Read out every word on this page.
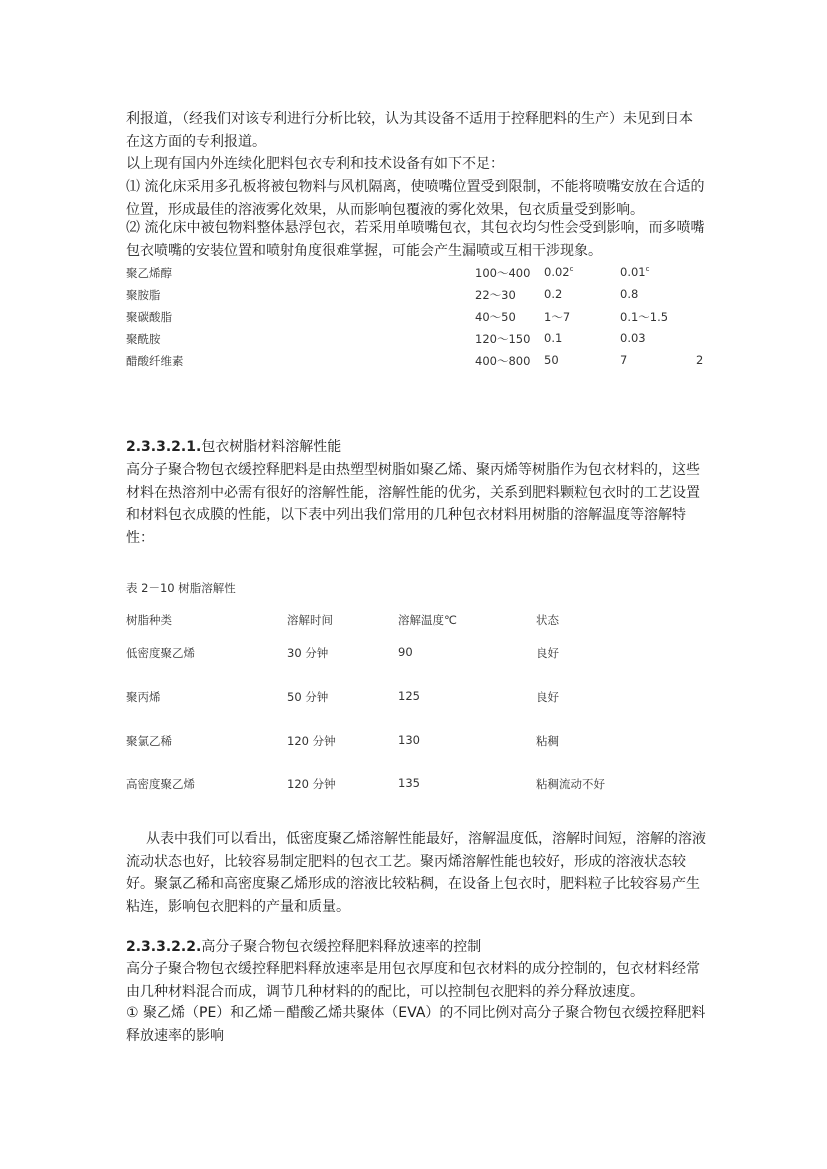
利报道，（经我们对该专利进行分析比较，认为其设备不适用于控释肥料的生产）未见到日本在这方面的专利报道。

以上现有国内外连续化肥料包衣专利和技术设备有如下不足：

⑴ 流化床采用多孔板将被包物料与风机隔离，使喷嘴位置受到限制，不能将喷嘴安放在合适的位置，形成最佳的溶液雾化效果，从而影响包覆液的雾化效果，包衣质量受到影响。
⑵ 流化床中被包物料整体悬浮包衣，若采用单喷嘴包衣，其包衣均匀性会受到影响，而多喷嘴包衣喷嘴的安装位置和喷射角度很难掌握，可能会产生漏喷或互相干涉现象。
聚乙烯醇	100～400 0.02$^c$	0.01$^c$
聚胺脂	22～30 0.2	0.8
聚碳酸脂	40～50 1～7	0.1～1.5
聚酰胺	120～150 0.1	0.03
醋酸纤维素	400～800 50	7	2
2.3.3.2.1.包衣树脂材料溶解性能

高分子聚合物包衣缓控释肥料是由热塑型树脂如聚乙烯、聚丙烯等树脂作为包衣材料的，这些材料在热溶剂中必需有很好的溶解性能，溶解性能的优劣，关系到肥料颗粒包衣时的工艺设置和材料包衣成膜的性能，以下表中列出我们常用的几种包衣材料用树脂的溶解温度等溶解特性：

表 2－10 树脂溶解性
树脂种类	溶解时间	溶解温度℃	状态
低密度聚乙烯	30 分钟	90	良好
聚丙烯	50 分钟	125	良好
聚氯乙稀	120 分钟	130	粘稠
高密度聚乙烯	120 分钟	135	粘稠流动不好

从表中我们可以看出，低密度聚乙烯溶解性能最好，溶解温度低，溶解时间短，溶解的溶液流动状态也好，比较容易制定肥料的包衣工艺。聚丙烯溶解性能也较好，形成的溶液状态较好。聚氯乙稀和高密度聚乙烯形成的溶液比较粘稠，在设备上包衣时，肥料粒子比较容易产生粘连，影响包衣肥料的产量和质量。

2.3.3.2.2.高分子聚合物包衣缓控释肥料释放速率的控制

高分子聚合物包衣缓控释肥料释放速率是用包衣厚度和包衣材料的成分控制的，包衣材料经常由几种材料混合而成，调节几种材料的的配比，可以控制包衣肥料的养分释放速度。

① 聚乙烯（PE）和乙烯－醋酸乙烯共聚体（EVA）的不同比例对高分子聚合物包衣缓控释肥料释放速率的影响
